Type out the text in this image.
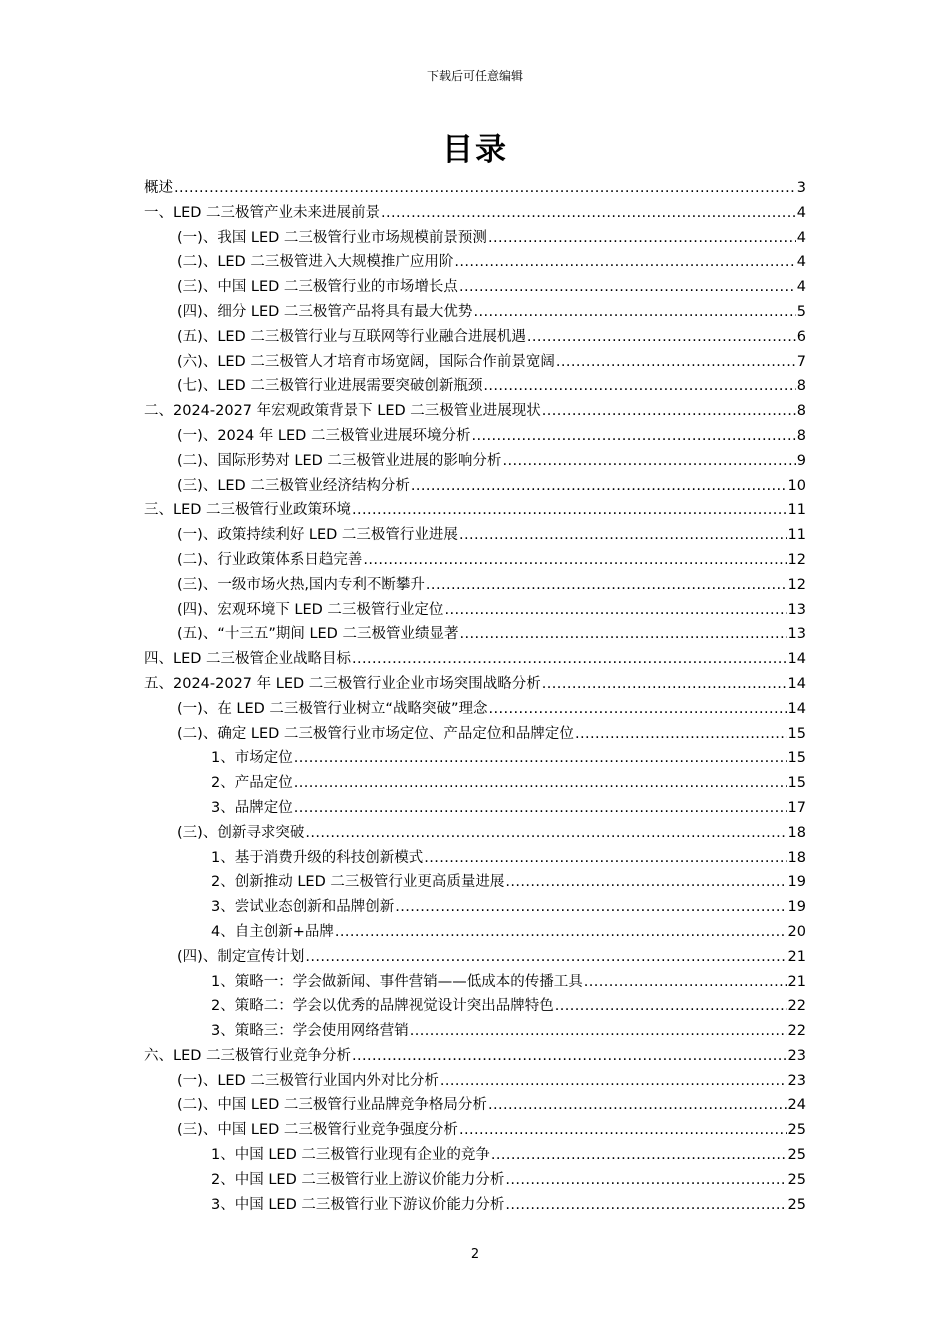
下载后可任意编辑
目录
概述 .....	3
一、LED 二三极管产业未来进展前景 .....	4
(一)、我国 LED 二三极管行业市场规模前景预测 .....	4
(二)、LED 二三极管进入大规模推广应用阶 .....	4
(三)、中国 LED 二三极管行业的市场增长点 .....	4
(四)、细分 LED 二三极管产品将具有最大优势 .....	5
(五)、LED 二三极管行业与互联网等行业融合进展机遇 .....	6
(六)、LED 二三极管人才培育市场宽阔，国际合作前景宽阔 .....	7
(七)、LED 二三极管行业进展需要突破创新瓶颈 .....	8
二、2024-2027 年宏观政策背景下 LED 二三极管业进展现状 .....	8
(一)、2024 年 LED 二三极管业进展环境分析 .....	8
(二)、国际形势对 LED 二三极管业进展的影响分析 .....	9
(三)、LED 二三极管业经济结构分析 .....	10
三、LED 二三极管行业政策环境 .....	11
(一)、政策持续利好 LED 二三极管行业进展 .....	11
(二)、行业政策体系日趋完善 .....	12
(三)、一级市场火热,国内专利不断攀升 .....	12
(四)、宏观环境下 LED 二三极管行业定位 .....	13
(五)、“十三五”期间 LED 二三极管业绩显著 .....	13
四、LED 二三极管企业战略目标 .....	14
五、2024-2027 年 LED 二三极管行业企业市场突围战略分析 .....	14
(一)、在 LED 二三极管行业树立“战略突破”理念 .....	14
(二)、确定 LED 二三极管行业市场定位、产品定位和品牌定位 .....	15
1、市场定位 .....	15
2、产品定位 .....	15
3、品牌定位 .....	17
(三)、创新寻求突破 .....	18
1、基于消费升级的科技创新模式 .....	18
2、创新推动 LED 二三极管行业更高质量进展 .....	19
3、尝试业态创新和品牌创新 .....	19
4、自主创新+品牌 .....	20
(四)、制定宣传计划 .....	21
1、策略一：学会做新闻、事件营销——低成本的传播工具 .....	21
2、策略二：学会以优秀的品牌视觉设计突出品牌特色 .....	22
3、策略三：学会使用网络营销 .....	22
六、LED 二三极管行业竞争分析 .....	23
(一)、LED 二三极管行业国内外对比分析 .....	23
(二)、中国 LED 二三极管行业品牌竞争格局分析 .....	24
(三)、中国 LED 二三极管行业竞争强度分析 .....	25
1、中国 LED 二三极管行业现有企业的竞争 .....	25
2、中国 LED 二三极管行业上游议价能力分析 .....	25
3、中国 LED 二三极管行业下游议价能力分析 .....	25
2
